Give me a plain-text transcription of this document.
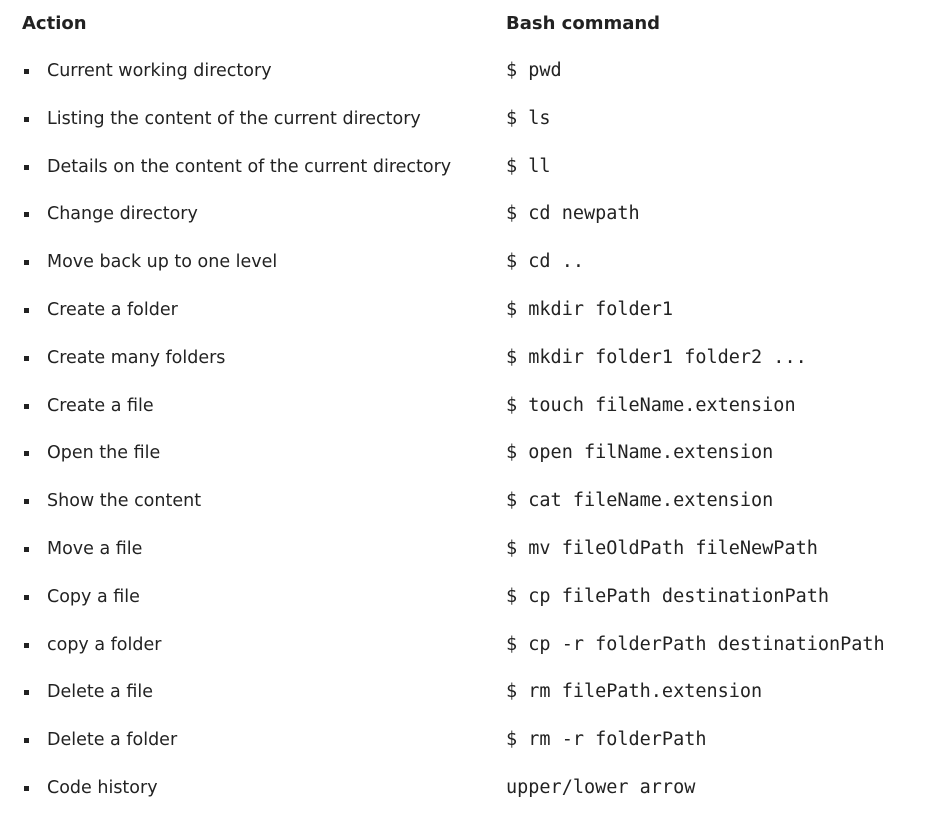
Action	Bash command
Current working directory	$ pwd
Listing the content of the current directory	$ ls
Details on the content of the current directory	$ ll
Change directory	$ cd newpath
Move back up to one level	$ cd ..
Create a folder	$ mkdir folder1
Create many folders	$ mkdir folder1 folder2 ...
Create a file	$ touch fileName.extension
Open the file	$ open filName.extension
Show the content	$ cat fileName.extension
Move a file	$ mv fileOldPath fileNewPath
Copy a file	$ cp filePath destinationPath
copy a folder	$ cp -r folderPath destinationPath
Delete a file	$ rm filePath.extension
Delete a folder	$ rm -r folderPath
Code history	upper/lower arrow
